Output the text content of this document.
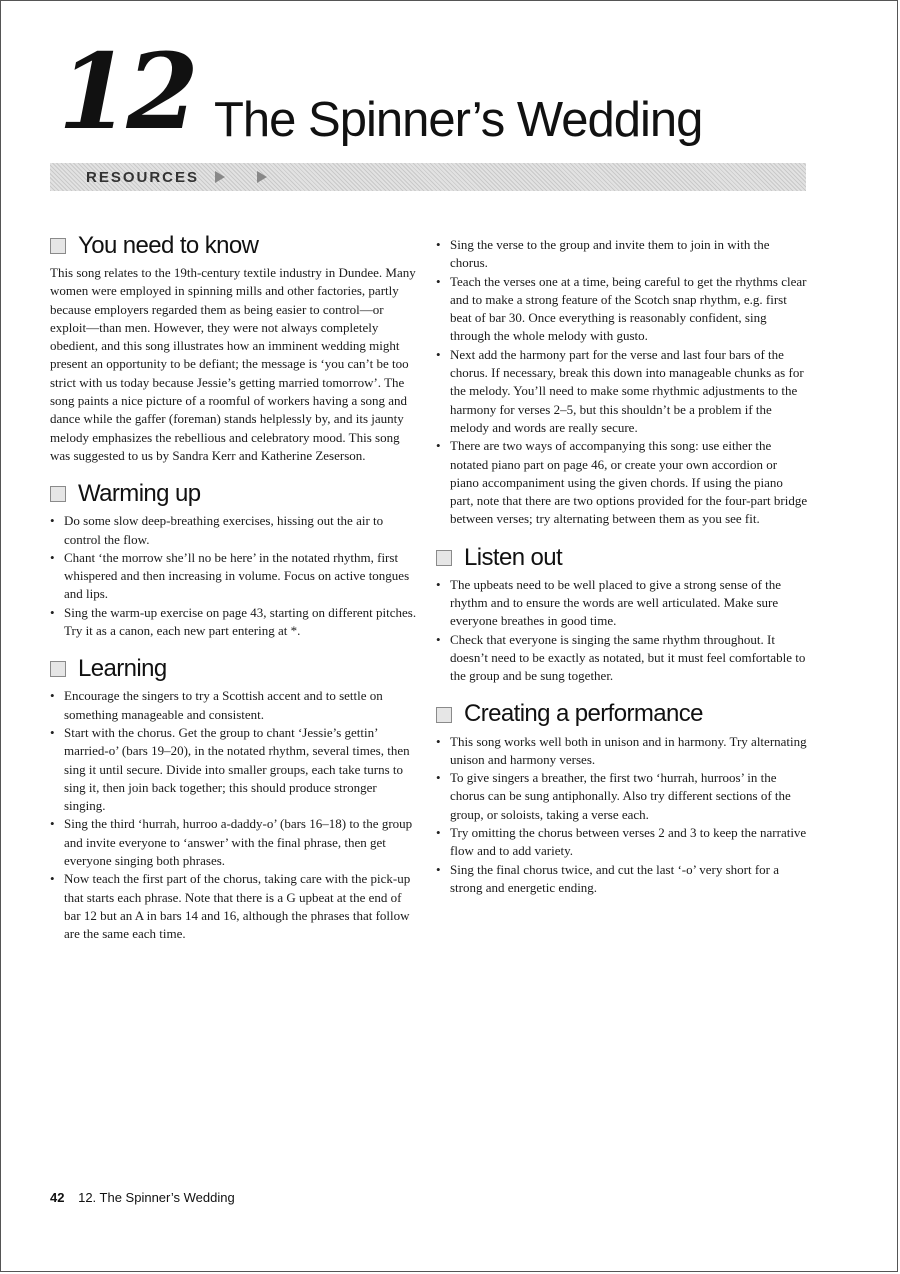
12 The Spinner’s Wedding
RESOURCES
You need to know

This song relates to the 19th-century textile industry in Dundee. Many women were employed in spinning mills and other factories, partly because employers regarded them as being easier to control—or exploit—than men. However, they were not always completely obedient, and this song illustrates how an imminent wedding might present an opportunity to be defiant; the message is ‘you can’t be too strict with us today because Jessie’s getting married tomorrow’. The song paints a nice picture of a roomful of workers having a song and dance while the gaffer (foreman) stands helplessly by, and its jaunty melody emphasizes the rebellious and celebratory mood. This song was suggested to us by Sandra Kerr and Katherine Zeserson.

Warming up
• Do some slow deep-breathing exercises, hissing out the air to control the flow.
• Chant ‘the morrow she’ll no be here’ in the notated rhythm, first whispered and then increasing in volume. Focus on active tongues and lips.
• Sing the warm-up exercise on page 43, starting on different pitches. Try it as a canon, each new part entering at *.
Learning
• Encourage the singers to try a Scottish accent and to settle on something manageable and consistent.
• Start with the chorus. Get the group to chant ‘Jessie’s gettin’ married-o’ (bars 19–20), in the notated rhythm, several times, then sing it until secure. Divide into smaller groups, each take turns to sing it, then join back together; this should produce stronger singing.
• Sing the third ‘hurrah, hurroo a-daddy-o’ (bars 16–18) to the group and invite everyone to ‘answer’ with the final phrase, then get everyone singing both phrases.
• Now teach the first part of the chorus, taking care with the pick-up that starts each phrase. Note that there is a G upbeat at the end of bar 12 but an A in bars 14 and 16, although the phrases that follow are the same each time.
• Sing the verse to the group and invite them to join in with the chorus.
• Teach the verses one at a time, being careful to get the rhythms clear and to make a strong feature of the Scotch snap rhythm, e.g. first beat of bar 30. Once everything is reasonably confident, sing through the whole melody with gusto.
• Next add the harmony part for the verse and last four bars of the chorus. If necessary, break this down into manageable chunks as for the melody. You’ll need to make some rhythmic adjustments to the harmony for verses 2–5, but this shouldn’t be a problem if the melody and words are really secure.
• There are two ways of accompanying this song: use either the notated piano part on page 46, or create your own accordion or piano accompaniment using the given chords. If using the piano part, note that there are two options provided for the four-part bridge between verses; try alternating between them as you see fit.
Listen out
• The upbeats need to be well placed to give a strong sense of the rhythm and to ensure the words are well articulated. Make sure everyone breathes in good time.
• Check that everyone is singing the same rhythm throughout. It doesn’t need to be exactly as notated, but it must feel comfortable to the group and be sung together.
Creating a performance
• This song works well both in unison and in harmony. Try alternating unison and harmony verses.
• To give singers a breather, the first two ‘hurrah, hurroos’ in the chorus can be sung antiphonally. Also try different sections of the group, or soloists, taking a verse each.
• Try omitting the chorus between verses 2 and 3 to keep the narrative flow and to add variety.
• Sing the final chorus twice, and cut the last ‘-o’ very short for a strong and energetic ending.
42 12. The Spinner’s Wedding
